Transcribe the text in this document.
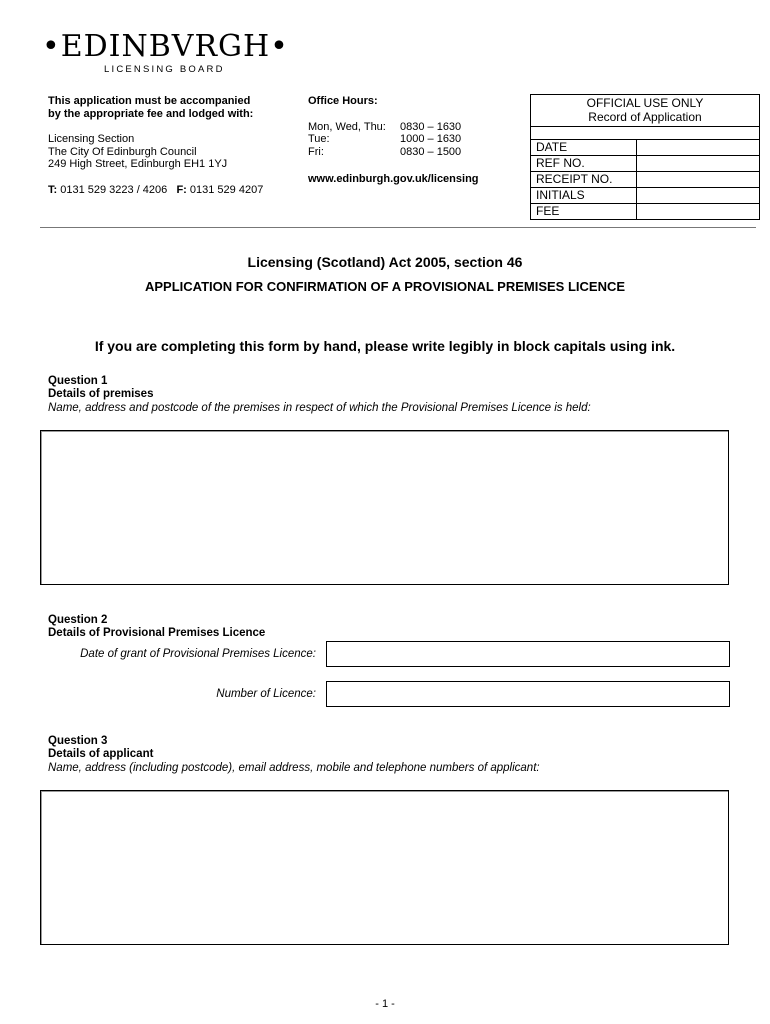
•EDINBVRGH•
LICENSING BOARD
This application must be accompanied
by the appropriate fee and lodged with:
Licensing Section
The City Of Edinburgh Council
249 High Street, Edinburgh EH1 1YJ
T: 0131 529 3223 / 4206 F: 0131 529 4207
Office Hours:
Mon, Wed, Thu:	0830 – 1630
Tue:	1000 – 1630
Fri:	0830 – 1500
www.edinburgh.gov.uk/licensing
OFFICIAL USE ONLY
Record of Application
DATE
REF NO.
RECEIPT NO.
INITIALS
FEE
Licensing (Scotland) Act 2005, section 46
APPLICATION FOR CONFIRMATION OF A PROVISIONAL PREMISES LICENCE
If you are completing this form by hand, please write legibly in block capitals using ink.
Question 1
Details of premises
Name, address and postcode of the premises in respect of which the Provisional Premises Licence is held:
Question 2
Details of Provisional Premises Licence
Date of grant of Provisional Premises Licence:
Number of Licence:
Question 3
Details of applicant
Name, address (including postcode), email address, mobile and telephone numbers of applicant:
- 1 -
